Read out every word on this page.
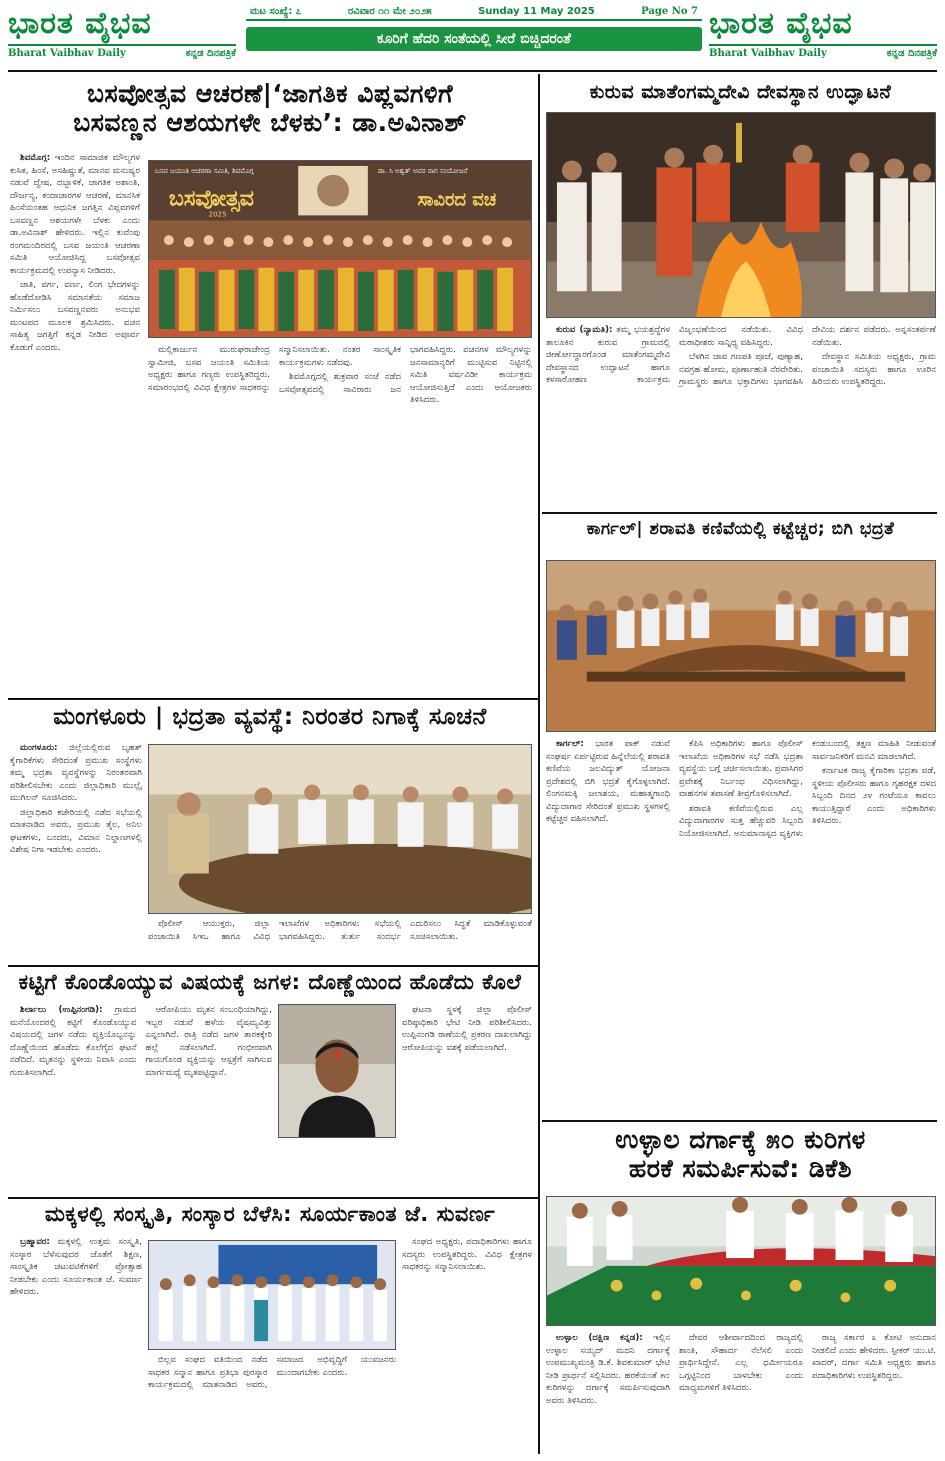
ಭಾರತ ವೈಭವ
Bharat Vaibhav Daily	ಕನ್ನಡ ದಿನಪತ್ರಿಕೆ
ಮಟ ಸಂಖ್ಯೆ: ೭	ರವಿವಾರ ೧೧ ಮೇ ೨೦೨೫	Sunday 11 May 2025	Page No 7
ಕೂರಿಗೆ ಹೆದರಿ ಸಂತೆಯಲ್ಲಿ ಸೀರೆ ಬಿಚ್ಚಿದರಂತೆ	ಭಾರತ ವೈಭವ
Bharat Vaibhav Daily	ಕನ್ನಡ ದಿನಪತ್ರಿಕೆ
ಬಸವೋತ್ಸವ ಆಚರಣೆ|‘ಜಾಗತಿಕ ವಿಪ್ಲವಗಳಿಗೆ
ಬಸವಣ್ಣನ ಆಶಯಗಳೇ ಬೆಳಕು’: ಡಾ.ಅವಿನಾಶ್

ಶಿವಮೊಗ್ಗ: ಇಂದಿನ ಸಾಮಾಜಿಕ ಮೌಲ್ಯಗಳ ಕುಸಿತ, ಹಿಂಸೆ, ಅಸಹಿಷ್ಣುತೆ, ಮಾನವ ಮನುಷ್ಯರ ನಡುವೆ ದ್ವೇಷ, ದಬ್ಬಾಳಿಕೆ, ಜಾಗತಿಕ ಅಶಾಂತಿ, ದೌರ್ಜನ್ಯ, ಕಂದಾಚಾರಗಳ ಆಚರಣೆ, ಮಾನಸಿಕ ಹಿಂಸೆಯಂತಹ ಆಧುನಿಕ ಜಗತ್ತಿನ ವಿಪ್ಲವಗಳಿಗೆ ಬಸವಣ್ಣನ ಆಶಯಗಳೇ ಬೆಳಕು ಎಂದು ಡಾ.ಅವಿನಾಶ್ ಹೇಳಿದರು. ಇಲ್ಲಿನ ಕುವೆಂಪು ರಂಗಮಂದಿರದಲ್ಲಿ ಬಸವ ಜಯಂತಿ ಆಚರಣಾ ಸಮಿತಿ ಆಯೋಜಿಸಿದ್ದ ಬಸವೋತ್ಸವ ಕಾರ್ಯಕ್ರಮದಲ್ಲಿ ಉಪನ್ಯಾಸ ನೀಡಿದರು.

ಜಾತಿ, ವರ್ಗ, ವರ್ಣ, ಲಿಂಗ ಭೇದಗಳನ್ನು ಹೊಡೆದೋಡಿಸಿ ಸಮಾನತೆಯ ಸಮಾಜ ನಿರ್ಮಿಸಲು ಬಸವಣ್ಣನವರು ಅನುಭವ ಮಂಟಪದ ಮೂಲಕ ಶ್ರಮಿಸಿದರು. ವಚನ ಸಾಹಿತ್ಯ ಜಗತ್ತಿಗೆ ಕನ್ನಡ ನೀಡಿದ ಅಪೂರ್ವ ಕೊಡುಗೆ ಎಂದರು.

ಬಸವ ಜಯಂತಿ ಆಚರಣಾ ಸಮಿತಿ, ಶಿವಮೊಗ್ಗ	ಡಾ. ಸಿ ಅಶ್ವತ್ ಅವರ ರಾಗ ಸಂಯೋಜನೆ
ಬಸವೋತ್ಸವ
2025
ಸಾವಿರದ ವಚ

ಮಲ್ಲಿಕಾರ್ಜುನ ಮುರುಘರಾಜೇಂದ್ರ ಸ್ವಾಮೀಜಿ, ಬಸವ ಜಯಂತಿ ಸಮಿತಿಯ ಅಧ್ಯಕ್ಷರು ಹಾಗೂ ಗಣ್ಯರು ಉಪಸ್ಥಿತರಿದ್ದರು. ಸಮಾರಂಭದಲ್ಲಿ ವಿವಿಧ ಕ್ಷೇತ್ರಗಳ ಸಾಧಕರನ್ನು ಸನ್ಮಾನಿಸಲಾಯಿತು. ನಂತರ ಸಾಂಸ್ಕೃತಿಕ ಕಾರ್ಯಕ್ರಮಗಳು ನಡೆದವು.

ಶಿವಮೊಗ್ಗದಲ್ಲಿ ಶುಕ್ರವಾರ ಸಂಜೆ ನಡೆದ ಬಸವೋತ್ಸವದಲ್ಲಿ ಸಾವಿರಾರು ಜನ ಭಾಗವಹಿಸಿದ್ದರು. ವಚನಗಳ ಮೌಲ್ಯಗಳನ್ನು ಜನಸಾಮಾನ್ಯರಿಗೆ ಮುಟ್ಟಿಸುವ ನಿಟ್ಟಿನಲ್ಲಿ ಸಮಿತಿ ವರ್ಷವಿಡೀ ಕಾರ್ಯಕ್ರಮ ಆಯೋಜಿಸುತ್ತಿದೆ ಎಂದು ಆಯೋಜಕರು ತಿಳಿಸಿದರು.

ಮಂಗಳೂರು | ಭದ್ರತಾ ವ್ಯವಸ್ಥೆ: ನಿರಂತರ ನಿಗಾಕ್ಕೆ ಸೂಚನೆ

ಮಂಗಳೂರು: ಜಿಲ್ಲೆಯಲ್ಲಿರುವ ಬೃಹತ್ ಕೈಗಾರಿಕೆಗಳು ಸೇರಿದಂತೆ ಪ್ರಮುಖ ಸಂಸ್ಥೆಗಳು ತಮ್ಮ ಭದ್ರತಾ ವ್ಯವಸ್ಥೆಗಳನ್ನು ನಿರಂತರವಾಗಿ ಪರಿಶೀಲಿಸಬೇಕು ಎಂದು ಜಿಲ್ಲಾಧಿಕಾರಿ ಮುಲ್ಲೈ ಮುಗಿಲನ್ ಸೂಚಿಸಿದರು.

ಜಿಲ್ಲಾಧಿಕಾರಿ ಕಚೇರಿಯಲ್ಲಿ ನಡೆದ ಸಭೆಯಲ್ಲಿ ಮಾತನಾಡಿದ ಅವರು, ಪ್ರಮುಖ ತೈಲ, ಅನಿಲ ಘಟಕಗಳು, ಬಂದರು, ವಿಮಾನ ನಿಲ್ದಾಣಗಳಲ್ಲಿ ವಿಶೇಷ ನಿಗಾ ಇಡಬೇಕು ಎಂದರು.

ಪೊಲೀಸ್ ಆಯುಕ್ತರು, ಜಿಲ್ಲಾ ಪಂಚಾಯಿತಿ ಸಿಇಒ ಹಾಗೂ ವಿವಿಧ ಇಲಾಖೆಗಳ ಅಧಿಕಾರಿಗಳು ಸಭೆಯಲ್ಲಿ ಭಾಗವಹಿಸಿದ್ದರು. ತುರ್ತು ಸಂದರ್ಭ ಎದುರಿಸಲು ಸಿದ್ಧತೆ ಮಾಡಿಕೊಳ್ಳುವಂತೆ ಸೂಚಿಸಲಾಯಿತು.

ಕಟ್ಟಿಗೆ ಕೊಂಡೊಯ್ಯುವ ವಿಷಯಕ್ಕೆ ಜಗಳ: ದೊಣ್ಣೆಯಿಂದ ಹೊಡೆದು ಕೊಲೆ

ಶಿರ್ಲಾಲು (ಉಪ್ಪಿನಂಗಡಿ): ಗ್ರಾಮದ ಮನೆಯೊಂದರಲ್ಲಿ ಕಟ್ಟಿಗೆ ಕೊಂಡೊಯ್ಯುವ ವಿಷಯದಲ್ಲಿ ಜಗಳ ನಡೆದು ವ್ಯಕ್ತಿಯೊಬ್ಬನನ್ನು ದೊಣ್ಣೆಯಿಂದ ಹೊಡೆದು ಕೊಲೆಗೈದ ಘಟನೆ ನಡೆದಿದೆ. ಮೃತನನ್ನು ಸ್ಥಳೀಯ ನಿವಾಸಿ ಎಂದು ಗುರುತಿಸಲಾಗಿದೆ.

ಆರೋಪಿಯು ಮೃತನ ಸಂಬಂಧಿಯಾಗಿದ್ದು, ಇಬ್ಬರ ನಡುವೆ ಹಳೆಯ ವೈಷಮ್ಯವಿತ್ತು ಎನ್ನಲಾಗಿದೆ. ರಾತ್ರಿ ನಡೆದ ಜಗಳ ತಾರಕಕ್ಕೇರಿ ಹಲ್ಲೆ ನಡೆಸಲಾಗಿದೆ. ಗಂಭೀರವಾಗಿ ಗಾಯಗೊಂಡ ವ್ಯಕ್ತಿಯನ್ನು ಆಸ್ಪತ್ರೆಗೆ ಸಾಗಿಸುವ ಮಾರ್ಗಮಧ್ಯೆ ಮೃತಪಟ್ಟಿದ್ದಾನೆ.

ಘಟನಾ ಸ್ಥಳಕ್ಕೆ ಜಿಲ್ಲಾ ಪೊಲೀಸ್ ವರಿಷ್ಠಾಧಿಕಾರಿ ಭೇಟಿ ನೀಡಿ ಪರಿಶೀಲಿಸಿದರು. ಉಪ್ಪಿನಂಗಡಿ ಠಾಣೆಯಲ್ಲಿ ಪ್ರಕರಣ ದಾಖಲಾಗಿದ್ದು ಆರೋಪಿಯನ್ನು ವಶಕ್ಕೆ ಪಡೆಯಲಾಗಿದೆ.

ಮಕ್ಕಳಲ್ಲಿ ಸಂಸ್ಕೃತಿ, ಸಂಸ್ಕಾರ ಬೆಳೆಸಿ: ಸೂರ್ಯಕಾಂತ ಜೆ. ಸುವರ್ಣ

ಬ್ರಹ್ಮಾವರ: ಮಕ್ಕಳಲ್ಲಿ ಉತ್ತಮ ಸಂಸ್ಕೃತಿ, ಸಂಸ್ಕಾರ ಬೆಳೆಸುವುದರ ಜೊತೆಗೆ ಶಿಕ್ಷಣ, ಸಾಂಸ್ಕೃತಿಕ ಚಟುವಟಿಕೆಗಳಿಗೆ ಪ್ರೋತ್ಸಾಹ ನೀಡಬೇಕು ಎಂದು ಸೂರ್ಯಕಾಂತ ಜೆ. ಸುವರ್ಣ ಹೇಳಿದರು.

ಬಿಲ್ಲವ ಸಂಘದ ವತಿಯಿಂದ ನಡೆದ ಸಾಧಕರ ಸನ್ಮಾನ ಹಾಗೂ ಪ್ರತಿಭಾ ಪುರಸ್ಕಾರ ಕಾರ್ಯಕ್ರಮದಲ್ಲಿ ಮಾತನಾಡಿದ ಅವರು, ಸಮಾಜದ ಅಭಿವೃದ್ಧಿಗೆ ಯುವಜನರು ಮುಂದಾಗಬೇಕು ಎಂದರು.

ಸಂಘದ ಅಧ್ಯಕ್ಷರು, ಪದಾಧಿಕಾರಿಗಳು ಹಾಗೂ ಸದಸ್ಯರು ಉಪಸ್ಥಿತರಿದ್ದರು. ವಿವಿಧ ಕ್ಷೇತ್ರಗಳ ಸಾಧಕರನ್ನು ಸನ್ಮಾನಿಸಲಾಯಿತು.

ಕುರುವ ಮಾತೆಂಗಮ್ಮದೇವಿ ದೇವಸ್ಥಾನ ಉದ್ಘಾಟನೆ

ಕುರುವ (ನ್ಯಾಮತಿ): ತಮ್ಮ ಭಯಶ್ರದ್ಧೆಗಳ ತಾಲೂಕಿನ ಕುರುವ ಗ್ರಾಮದಲ್ಲಿ ಜೀರ್ಣೋದ್ಧಾರಗೊಂಡ ಮಾತೆಂಗಮ್ಮದೇವಿ ದೇವಸ್ಥಾನದ ಉದ್ಘಾಟನೆ ಹಾಗೂ ಕಳಸಾರೋಹಣ ಕಾರ್ಯಕ್ರಮ ವಿಜೃಂಭಣೆಯಿಂದ ನಡೆಯಿತು. ವಿವಿಧ ಮಠಾಧೀಶರು ಸಾನ್ನಿಧ್ಯ ವಹಿಸಿದ್ದರು.

ಬೆಳಗಿನ ಜಾವ ಗಣಪತಿ ಪೂಜೆ, ಪುಣ್ಯಾಹ, ನವಗ್ರಹ ಹೋಮ, ಪೂರ್ಣಾಹುತಿ ನೆರವೇರಿತು. ಗ್ರಾಮಸ್ಥರು ಹಾಗೂ ಭಕ್ತಾದಿಗಳು ಭಾಗವಹಿಸಿ ದೇವಿಯ ದರ್ಶನ ಪಡೆದರು. ಅನ್ನಸಂತರ್ಪಣೆ ನಡೆಯಿತು.

ದೇವಸ್ಥಾನ ಸಮಿತಿಯ ಅಧ್ಯಕ್ಷರು, ಗ್ರಾಮ ಪಂಚಾಯಿತಿ ಸದಸ್ಯರು ಹಾಗೂ ಊರಿನ ಹಿರಿಯರು ಉಪಸ್ಥಿತರಿದ್ದರು.

ಕಾರ್ಗಲ್| ಶರಾವತಿ ಕಣಿವೆಯಲ್ಲಿ ಕಟ್ಟೆಚ್ಚರ; ಬಿಗಿ ಭದ್ರತೆ

ಕಾರ್ಗಲ್: ಭಾರತ ಪಾಕ್ ನಡುವೆ ಸಂಘರ್ಷ ಏರ್ಪಟ್ಟಿರುವ ಹಿನ್ನೆಲೆಯಲ್ಲಿ ಶರಾವತಿ ಕಣಿವೆಯ ಜಲವಿದ್ಯುತ್ ಯೋಜನಾ ಪ್ರದೇಶದಲ್ಲಿ ಬಿಗಿ ಭದ್ರತೆ ಕೈಗೊಳ್ಳಲಾಗಿದೆ. ಲಿಂಗನಮಕ್ಕಿ ಜಲಾಶಯ, ಮಹಾತ್ಮಗಾಂಧಿ ವಿದ್ಯುದಾಗಾರ ಸೇರಿದಂತೆ ಪ್ರಮುಖ ಸ್ಥಳಗಳಲ್ಲಿ ಕಟ್ಟೆಚ್ಚರ ವಹಿಸಲಾಗಿದೆ.

ಕೆಪಿಸಿ ಅಧಿಕಾರಿಗಳು ಹಾಗೂ ಪೊಲೀಸ್ ಇಲಾಖೆಯ ಅಧಿಕಾರಿಗಳ ಸಭೆ ನಡೆಸಿ ಭದ್ರತಾ ವ್ಯವಸ್ಥೆಯ ಬಗ್ಗೆ ಚರ್ಚಿಸಲಾಯಿತು. ಪ್ರವಾಸಿಗರ ಪ್ರವೇಶಕ್ಕೆ ನಿರ್ಬಂಧ ವಿಧಿಸಲಾಗಿದ್ದು, ವಾಹನಗಳ ತಪಾಸಣೆ ತೀವ್ರಗೊಳಿಸಲಾಗಿದೆ.

ಶರಾವತಿ ಕಣಿವೆಯಲ್ಲಿರುವ ಎಲ್ಲ ವಿದ್ಯುದಾಗಾರಗಳ ಸುತ್ತ ಹೆಚ್ಚುವರಿ ಸಿಬ್ಬಂದಿ ನಿಯೋಜಿಸಲಾಗಿದೆ. ಅನುಮಾನಾಸ್ಪದ ವ್ಯಕ್ತಿಗಳು ಕಂಡುಬಂದಲ್ಲಿ ತಕ್ಷಣ ಮಾಹಿತಿ ನೀಡುವಂತೆ ಸಾರ್ವಜನಿಕರಿಗೆ ಮನವಿ ಮಾಡಲಾಗಿದೆ.

ಕರ್ನಾಟಕ ರಾಜ್ಯ ಕೈಗಾರಿಕಾ ಭದ್ರತಾ ಪಡೆ, ಸ್ಥಳೀಯ ಪೊಲೀಸರು ಹಾಗೂ ಗೃಹರಕ್ಷಕ ದಳದ ಸಿಬ್ಬಂದಿ ದಿನದ ೨೪ ಗಂಟೆಯೂ ಕಾವಲು ಕಾಯುತ್ತಿದ್ದಾರೆ ಎಂದು ಅಧಿಕಾರಿಗಳು ತಿಳಿಸಿದರು.

ಉಳ್ಳಾಲ ದರ್ಗಾಕ್ಕೆ ೫೦ ಕುರಿಗಳ
ಹರಕೆ ಸಮರ್ಪಿಸುವೆ: ಡಿಕೆಶಿ

ಉಳ್ಳಾಲ (ದಕ್ಷಿಣ ಕನ್ನಡ): ಇಲ್ಲಿನ ಉಳ್ಳಾಲ ಸಯ್ಯದ್ ಮದನಿ ದರ್ಗಾಕ್ಕೆ ಉಪಮುಖ್ಯಮಂತ್ರಿ ಡಿ.ಕೆ. ಶಿವಕುಮಾರ್ ಭೇಟಿ ನೀಡಿ ಪ್ರಾರ್ಥನೆ ಸಲ್ಲಿಸಿದರು. ಹರಕೆಯಂತೆ ೫೦ ಕುರಿಗಳನ್ನು ದರ್ಗಾಕ್ಕೆ ಸಮರ್ಪಿಸುವುದಾಗಿ ಅವರು ತಿಳಿಸಿದರು.

ದೇವರ ಆಶೀರ್ವಾದದಿಂದ ರಾಜ್ಯದಲ್ಲಿ ಶಾಂತಿ, ಸೌಹಾರ್ದ ನೆಲೆಸಲಿ ಎಂದು ಪ್ರಾರ್ಥಿಸಿದ್ದೇನೆ. ಎಲ್ಲ ಧರ್ಮೀಯರೂ ಒಗ್ಗಟ್ಟಿನಿಂದ ಬಾಳಬೇಕು ಎಂದು ಮಾಧ್ಯಮಗಳಿಗೆ ತಿಳಿಸಿದರು.

ರಾಜ್ಯ ಸರ್ಕಾರ ೩ ಕೋಟಿ ಅನುದಾನ ನೀಡಲಿದೆ ಎಂದು ಹೇಳಿದರು. ಸ್ಪೀಕರ್ ಯು.ಟಿ. ಖಾದರ್, ದರ್ಗಾ ಸಮಿತಿ ಅಧ್ಯಕ್ಷರು ಹಾಗೂ ಪದಾಧಿಕಾರಿಗಳು ಉಪಸ್ಥಿತರಿದ್ದರು.
